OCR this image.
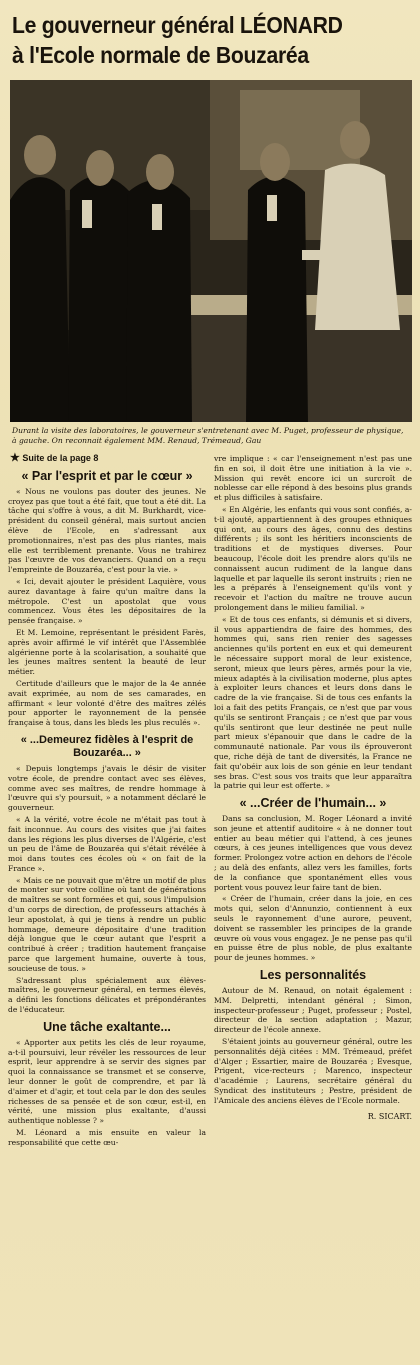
Le gouverneur général LÉONARD
à l'Ecole normale de Bouzaréa
Durant la visite des laboratoires, le gouverneur s'entretenant avec M. Puget, professeur de physique, à gauche. On reconnait également MM. Renaud, Trémeaud, Gau
★ Suite de la page 8
« Par l'esprit et par le cœur »

« Nous ne voulons pas douter des jeunes. Ne croyez pas que tout a été fait, que tout a été dit. La tâche qui s'offre à vous, a dit M. Burkhardt, vice-président du conseil général, mais surtout ancien élève de l'Ecole, en s'adressant aux promotionnaires, n'est pas des plus riantes, mais elle est terriblement prenante. Vous ne trahirez pas l'œuvre de vos devanciers. Quand on a reçu l'empreinte de Bouzaréa, c'est pour la vie. »

« Ici, devait ajouter le président Laquière, vous aurez davantage à faire qu'un maître dans la métropole. C'est un apostolat que vous commencez. Vous êtes les dépositaires de la pensée française. »

Et M. Lemoine, représentant le président Farès, après avoir affirmé le vif intérêt que l'Assemblée algérienne porte à la scolarisation, a souhaité que les jeunes maîtres sentent la beauté de leur métier.

Certitude d'ailleurs que le major de la 4e année avait exprimée, au nom de ses camarades, en affirmant « leur volonté d'être des maîtres zélés pour apporter le rayonnement de la pensée française à tous, dans les bleds les plus reculés ».

« ...Demeurez fidèles à l'esprit de Bouzaréa... »

« Depuis longtemps j'avais le désir de visiter votre école, de prendre contact avec ses élèves, comme avec ses maîtres, de rendre hommage à l'œuvre qui s'y poursuit, » a notamment déclaré le gouverneur.

« A la vérité, votre école ne m'était pas tout à fait inconnue. Au cours des visites que j'ai faites dans les régions les plus diverses de l'Algérie, c'est un peu de l'âme de Bouzaréa qui s'était révélée à moi dans toutes ces écoles où « on fait de la France ».

« Mais ce ne pouvait que m'être un motif de plus de monter sur votre colline où tant de générations de maîtres se sont formées et qui, sous l'impulsion d'un corps de direction, de professeurs attachés à leur apostolat, à qui je tiens à rendre un public hommage, demeure dépositaire d'une tradition déjà longue que le cœur autant que l'esprit a contribué à créer ; tradition hautement française parce que largement humaine, ouverte à tous, soucieuse de tous. »

S'adressant plus spécialement aux élèves-maîtres, le gouverneur général, en termes élevés, a défini les fonctions délicates et prépondérantes de l'éducateur.

Une tâche exaltante...

« Apporter aux petits les clés de leur royaume, a-t-il poursuivi, leur révéler les ressources de leur esprit, leur apprendre à se servir des signes par quoi la connaissance se transmet et se conserve, leur donner le goût de comprendre, et par là d'aimer et d'agir, et tout cela par le don des seules richesses de sa pensée et de son cœur, est-il, en vérité, une mission plus exaltante, d'aussi authentique noblesse ? »

M. Léonard a mis ensuite en valeur la responsabilité que cette œu-

vre implique : « car l'enseignement n'est pas une fin en soi, il doit être une initiation à la vie ». Mission qui revêt encore ici un surcroît de noblesse car elle répond à des besoins plus grands et plus difficiles à satisfaire.

« En Algérie, les enfants qui vous sont confiés, a-t-il ajouté, appartiennent à des groupes ethniques qui ont, au cours des âges, connu des destins différents ; ils sont les héritiers inconscients de traditions et de mystiques diverses. Pour beaucoup, l'école doit les prendre alors qu'ils ne connaissent aucun rudiment de la langue dans laquelle et par laquelle ils seront instruits ; rien ne les a préparés à l'enseignement qu'ils vont y recevoir et l'action du maître ne trouve aucun prolongement dans le milieu familial. »

« Et de tous ces enfants, si démunis et si divers, il vous appartiendra de faire des hommes, des hommes qui, sans rien renier des sagesses anciennes qu'ils portent en eux et qui demeurent le nécessaire support moral de leur existence, seront, mieux que leurs pères, armés pour la vie, mieux adaptés à la civilisation moderne, plus aptes à exploiter leurs chances et leurs dons dans le cadre de la vie française. Si de tous ces enfants la loi a fait des petits Français, ce n'est que par vous qu'ils se sentiront Français ; ce n'est que par vous qu'ils sentiront que leur destinée ne peut nulle part mieux s'épanouir que dans le cadre de la communauté nationale. Par vous ils éprouveront que, riche déjà de tant de diversités, la France ne fait qu'obéir aux lois de son génie en leur tendant ses bras. C'est sous vos traits que leur apparaîtra la patrie qui leur est offerte. »

« ...Créer de l'humain... »

Dans sa conclusion, M. Roger Léonard a invité son jeune et attentif auditoire « à ne donner tout entier au beau métier qui l'attend, à ces jeunes cœurs, à ces jeunes intelligences que vous devez former. Prolongez votre action en dehors de l'école ; au delà des enfants, allez vers les familles, forts de la confiance que spontanément elles vous portent vous pouvez leur faire tant de bien.

« Créer de l'humain, créer dans la joie, en ces mots qui, selon d'Annunzio, contiennent à eux seuls le rayonnement d'une aurore, peuvent, doivent se rassembler les principes de la grande œuvre où vous vous engagez. Je ne pense pas qu'il en puisse être de plus noble, de plus exaltante pour de jeunes hommes. »

Les personnalités

Autour de M. Renaud, on notait également : MM. Delpretti, intendant général ; Simon, inspecteur-professeur ; Puget, professeur ; Postel, directeur de la section adaptation ; Mazur, directeur de l'école annexe.

S'étaient joints au gouverneur général, outre les personnalités déjà citées : MM. Trémeaud, préfet d'Alger ; Essartier, maire de Bouzaréa ; Evesque, Prigent, vice-recteurs ; Marenco, inspecteur d'académie ; Laurens, secrétaire général du Syndicat des instituteurs ; Pestre, président de l'Amicale des anciens élèves de l'Ecole normale.

R. SICART.
